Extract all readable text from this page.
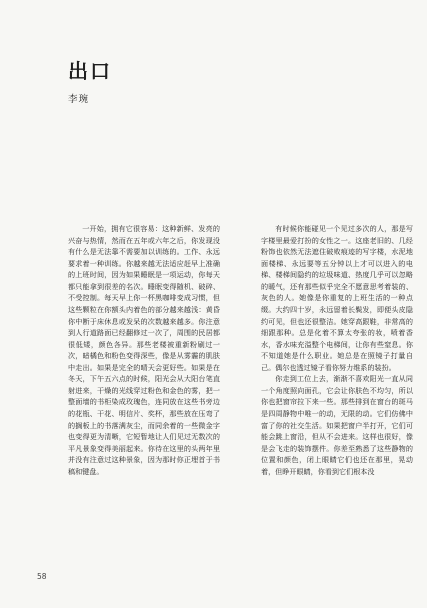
出口
李琬

一开始，拥有它很容易：这种新鲜、发亮的兴奋与热情，然而在五年或六年之后，你发现没有什么是无法靠不需要加以训练的。工作、永远要求着一种训练。你越来越无法适应赶早上准确的上班时间，因为如果睡眠是一项运动，你每天都只能拿到很差的名次。睡眠变得随机、破碎、不受控制。每天早上你一杯黑咖啡变成习惯，但这些颗粒在你额头内着色的部分越来越浅：黄昏你中断于床休息或发呆的次数越来越多。你注意到人行道路面已经翻修过一次了，周围的民居都很低矮，颜色各异。那些老楼被重新粉刷过一次，暗橘色和粉色变得深些，像是从雾霾的肌肤中走出。如果是完全的晴天会更好些。如果是在冬天，下午五六点的时候，阳光会从大阳台笔直射进来，干燥的光线穿过粉色和金色的雾，把一整面墙的书柜染成玫瑰色，连同放在这些书旁边的花瓶、干花、明信片、奖杯，那些放在压弯了的搁板上的书落满灰尘，而同余着的一些微金字也变得更为清晰，它短暂地让人们见过无数次的平凡景象变得美丽起来。你待在这里的头两年里并没有注意过这种景象，因为那时你正埋首于书稿和键盘。

有时候你能碰见一个见过多次的人，那是写字楼里最爱打扮的女性之一。这座老旧的、几经粉饰也依然无法遮住破败痕迹的写字楼，水泥地面楼梯、永远要等五分钟以上才可以进入的电梯、楼梯间隐约的垃圾味道、热度几乎可以忽略的暖气，还有那些似乎完全不愿意思考着装的、灰色的人。她像是你重复的上班生活的一种点缀。大约四十岁，永远留着长鬓发，即便头皮隐约可见，但也还很整洁。她穿高跟鞋，非常高的细跟那种。总是化着不算太夸张的妆，喷着香水，香水味充溢整个电梯间，让你有些窒息。你不知道她是什么职业。她总是在照镜子打量自己。偶尔也透过镜子看你努力维系的装扮。

你走到工位上去，渐渐不喜欢阳光一直从同一个角度照向面孔，它会让你肤色不均匀，所以你也把窗帘拉下来一些。那些排到在窗台的斑马是四周静物中唯一的动，无限的动。它们仿佛中富了你的社交生活。如果把窗户半打开，它们可能会跳上窗沿，但从不会进来。这样也很好，像是会飞走的装饰摆件。你差至熟悉了这些静物的位置和颜色，闭上眼睛它们也还在那里，晃动着，但睁开眼睛，你看到它们根本没

58
